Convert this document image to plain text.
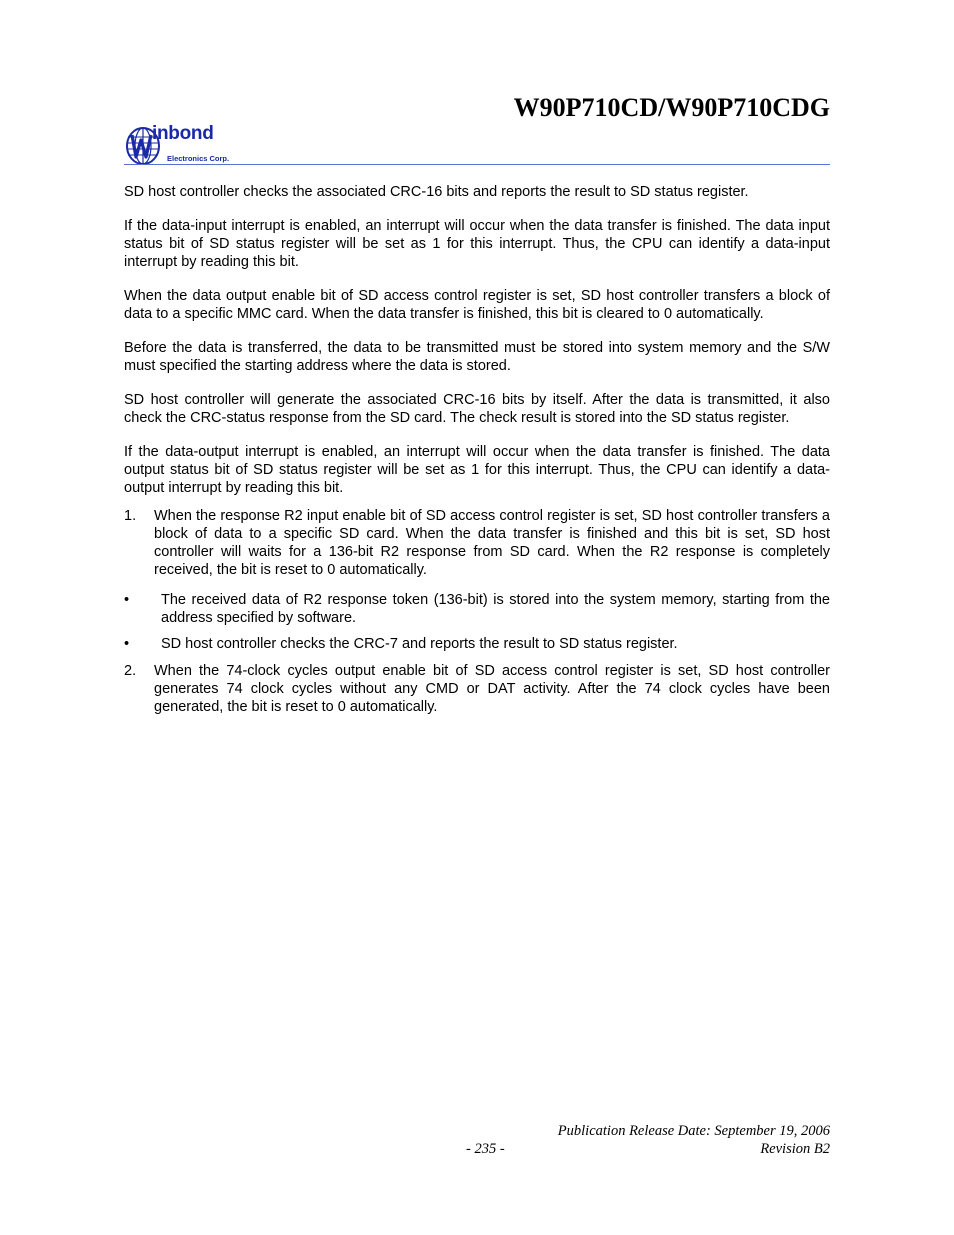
W90P710CD/W90P710CDG
inbond
Electronics Corp.

SD host controller checks the associated CRC-16 bits and reports the result to SD status register.

If the data-input interrupt is enabled, an interrupt will occur when the data transfer is finished. The data input status bit of SD status register will be set as 1 for this interrupt. Thus, the CPU can identify a data-input interrupt by reading this bit.

When the data output enable bit of SD access control register is set, SD host controller transfers a block of data to a specific MMC card. When the data transfer is finished, this bit is cleared to 0 automatically.

Before the data is transferred, the data to be transmitted must be stored into system memory and the S/W must specified the starting address where the data is stored.

SD host controller will generate the associated CRC-16 bits by itself. After the data is transmitted, it also check the CRC-status response from the SD card. The check result is stored into the SD status register.

If the data-output interrupt is enabled, an interrupt will occur when the data transfer is finished. The data output status bit of SD status register will be set as 1 for this interrupt. Thus, the CPU can identify a data-output interrupt by reading this bit.

1. When the response R2 input enable bit of SD access control register is set, SD host controller transfers a block of data to a specific SD card. When the data transfer is finished and this bit is set, SD host controller will waits for a 136-bit R2 response from SD card. When the R2 response is completely received, the bit is reset to 0 automatically.
• The received data of R2 response token (136-bit) is stored into the system memory, starting from the address specified by software.
• SD host controller checks the CRC-7 and reports the result to SD status register.
2. When the 74-clock cycles output enable bit of SD access control register is set, SD host controller generates 74 clock cycles without any CMD or DAT activity. After the 74 clock cycles have been generated, the bit is reset to 0 automatically.
Publication Release Date: September 19, 2006
- 235 -	Revision B2
